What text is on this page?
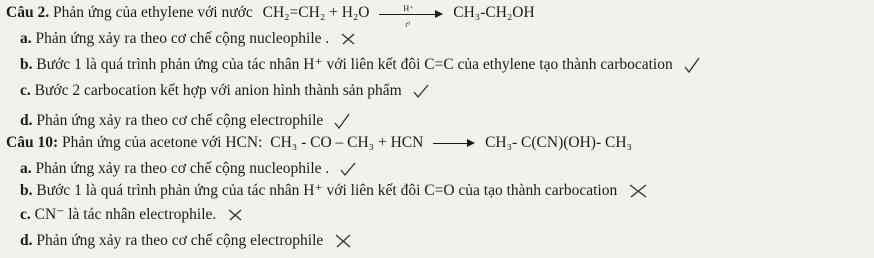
Câu 2. Phản ứng của ethylene với nước CH₂=CH₂ + H₂O	H⁺
t⁰
CH₃-CH₂OH
a. Phản ứng xảy ra theo cơ chế cộng nucleophile .
b. Bước 1 là quá trình phản ứng của tác nhân H⁺ với liên kết đôi C=C của ethylene tạo thành carbocation
c. Bước 2 carbocation kết hợp với anion hình thành sản phẩm
d. Phản ứng xảy ra theo cơ chế cộng electrophile
Câu 10: Phản ứng của acetone với HCN: CH₃ - CO – CH₃ + HCN	CH₃- C(CN)(OH)- CH₃
a. Phản ứng xảy ra theo cơ chế cộng nucleophile .
b. Bước 1 là quá trình phản ứng của tác nhân H⁺ với liên kết đôi C=O của tạo thành carbocation
c. CN⁻ là tác nhân electrophile.
d. Phản ứng xảy ra theo cơ chế cộng electrophile
